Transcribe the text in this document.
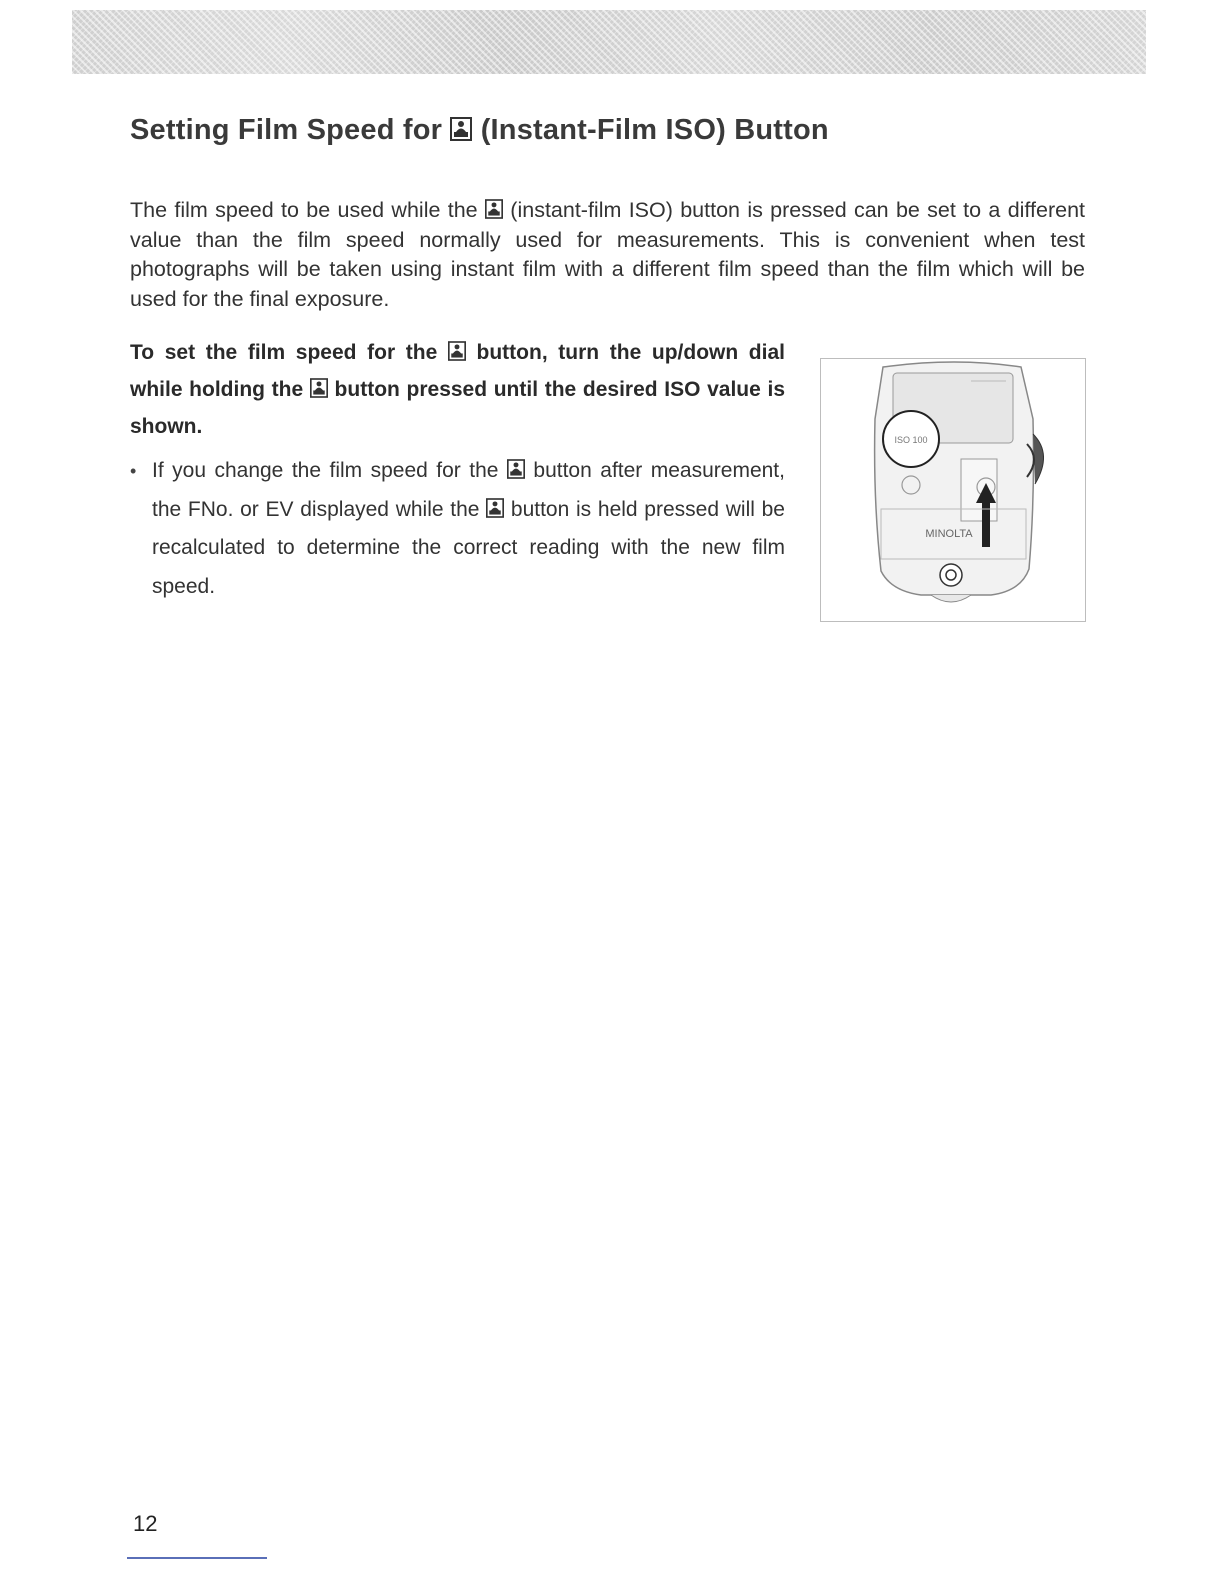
Setting Film Speed for (Instant-Film ISO) Button

The film speed to be used while the (instant-film ISO) button is pressed can be set to a different value than the film speed normally used for measurements. This is convenient when test photographs will be taken using instant film with a different film speed than the film which will be used for the final exposure.

To set the film speed for the button, turn the up/down dial while holding the button pressed until the desired ISO value is shown.

• If you change the film speed for the button after measurement, the FNo. or EV displayed while the button is held pressed will be recalculated to determine the correct reading with the new film speed.

ISO 100
MINOLTA

12
